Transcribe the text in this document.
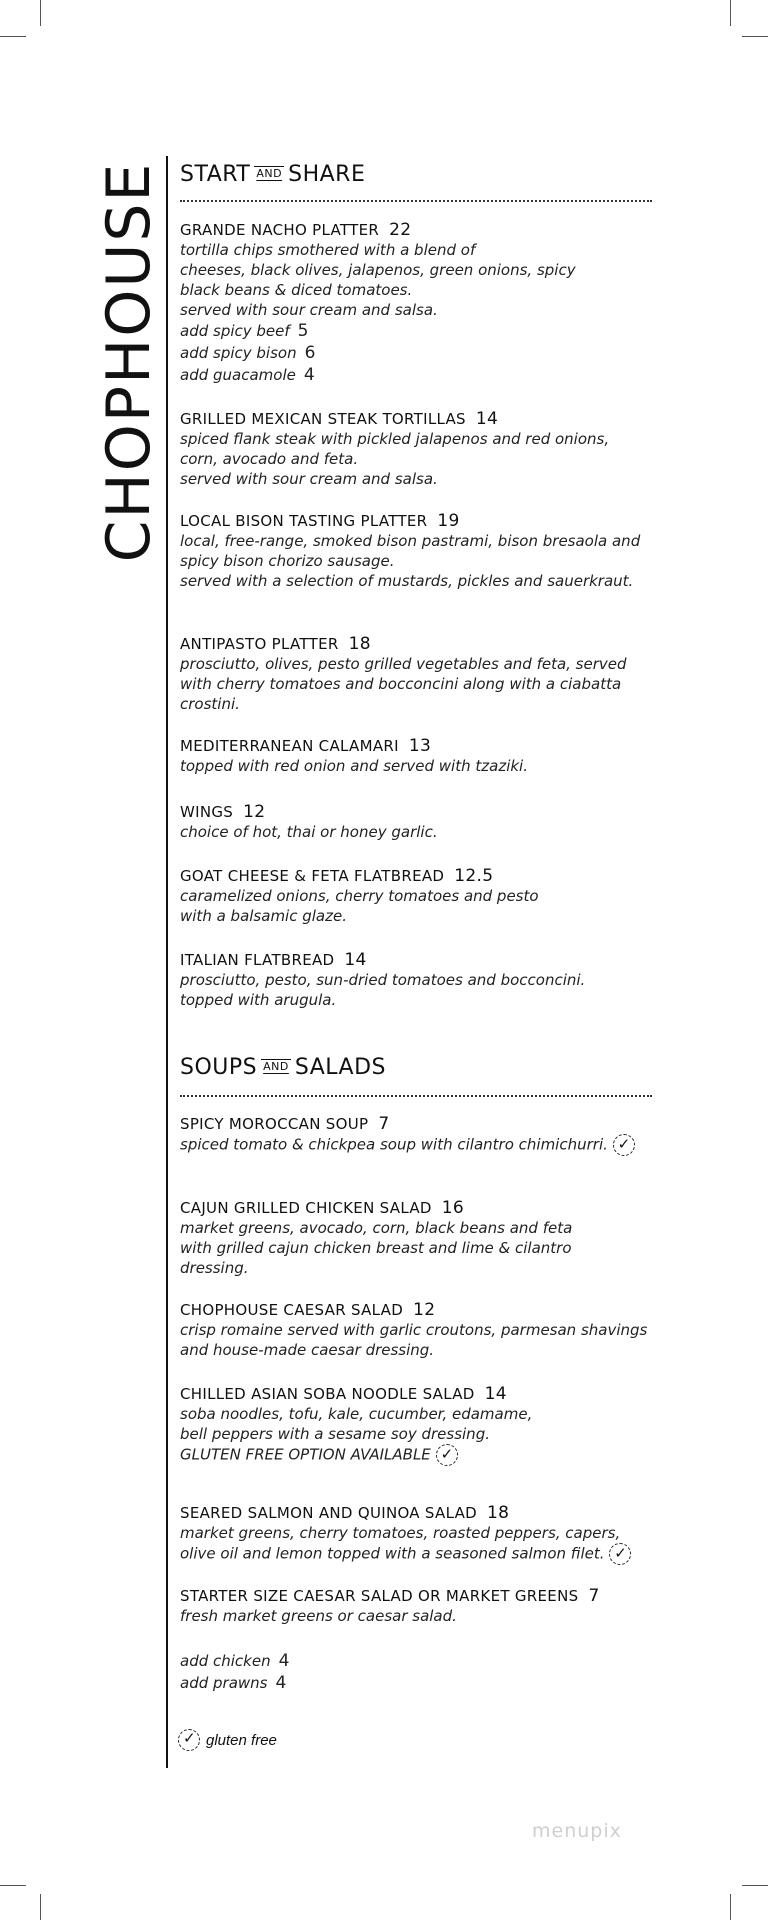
CHOPHOUSE START AND SHARE
GRANDE NACHO PLATTER 22
tortilla chips smothered with a blend of
cheeses, black olives, jalapenos, green onions, spicy
black beans & diced tomatoes.
served with sour cream and salsa.
add spicy beef 5
add spicy bison 6
add guacamole 4
GRILLED MEXICAN STEAK TORTILLAS 14
spiced flank steak with pickled jalapenos and red onions,
corn, avocado and feta.
served with sour cream and salsa.
LOCAL BISON TASTING PLATTER 19
local, free-range, smoked bison pastrami, bison bresaola and
spicy bison chorizo sausage.
served with a selection of mustards, pickles and sauerkraut.
ANTIPASTO PLATTER 18
prosciutto, olives, pesto grilled vegetables and feta, served
with cherry tomatoes and bocconcini along with a ciabatta
crostini.
MEDITERRANEAN CALAMARI 13
topped with red onion and served with tzaziki.
WINGS 12
choice of hot, thai or honey garlic.
GOAT CHEESE & FETA FLATBREAD 12.5
caramelized onions, cherry tomatoes and pesto
with a balsamic glaze.
ITALIAN FLATBREAD 14
prosciutto, pesto, sun-dried tomatoes and bocconcini.
topped with arugula.
SOUPS AND SALADS
SPICY MOROCCAN SOUP 7
spiced tomato & chickpea soup with cilantro chimichurri. ✓
CAJUN GRILLED CHICKEN SALAD 16
market greens, avocado, corn, black beans and feta
with grilled cajun chicken breast and lime & cilantro
dressing.
CHOPHOUSE CAESAR SALAD 12
crisp romaine served with garlic croutons, parmesan shavings
and house-made caesar dressing.
CHILLED ASIAN SOBA NOODLE SALAD 14
soba noodles, tofu, kale, cucumber, edamame,
bell peppers with a sesame soy dressing.
GLUTEN FREE OPTION AVAILABLE ✓
SEARED SALMON AND QUINOA SALAD 18
market greens, cherry tomatoes, roasted peppers, capers,
olive oil and lemon topped with a seasoned salmon filet. ✓
STARTER SIZE CAESAR SALAD OR MARKET GREENS 7
fresh market greens or caesar salad.
add chicken 4
add prawns 4
✓gluten free
menupix
